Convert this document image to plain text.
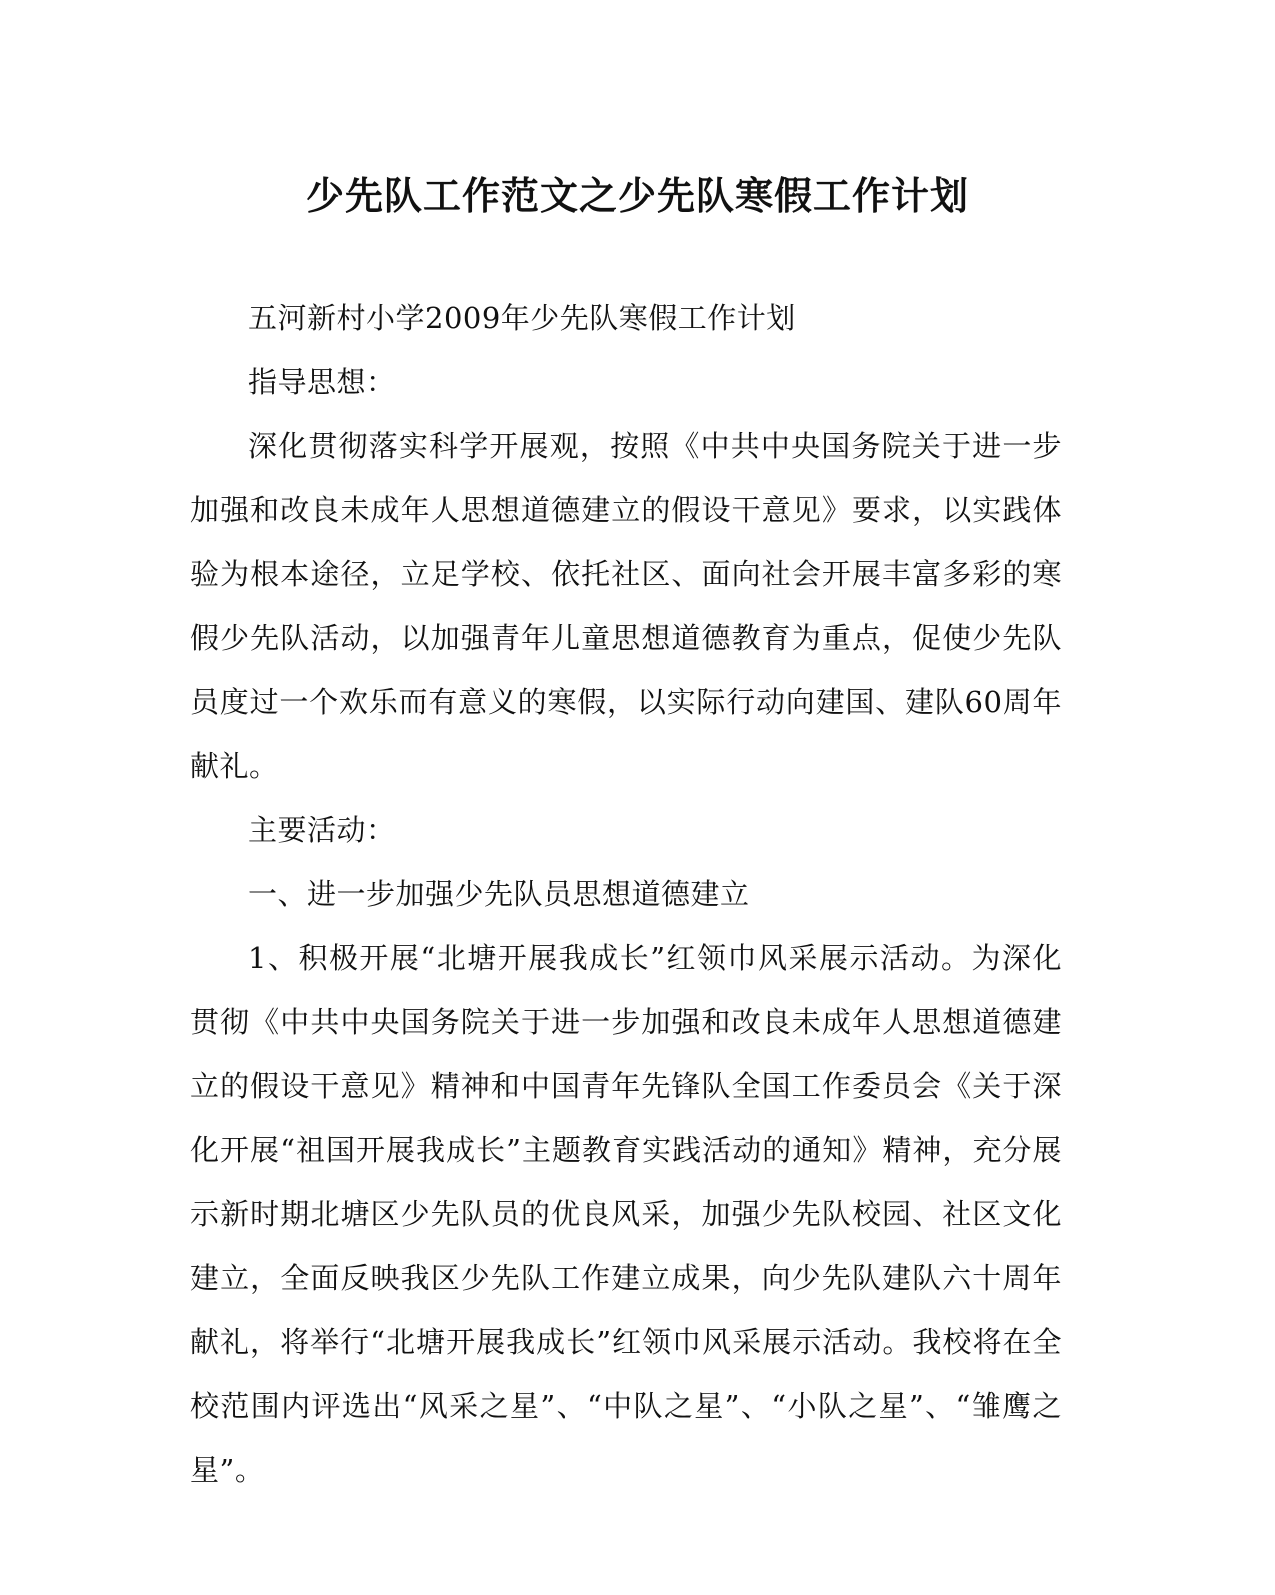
少先队工作范文之少先队寒假工作计划

五河新村小学2009年少先队寒假工作计划

指导思想：

深化贯彻落实科学开展观，按照《中共中央国务院关于进一步加强和改良未成年人思想道德建立的假设干意见》要求，以实践体验为根本途径，立足学校、依托社区、面向社会开展丰富多彩的寒假少先队活动，以加强青年儿童思想道德教育为重点，促使少先队员度过一个欢乐而有意义的寒假，以实际行动向建国、建队60周年献礼。

主要活动：

一、进一步加强少先队员思想道德建立

1、积极开展“北塘开展我成长”红领巾风采展示活动。为深化贯彻《中共中央国务院关于进一步加强和改良未成年人思想道德建立的假设干意见》精神和中国青年先锋队全国工作委员会《关于深化开展“祖国开展我成长”主题教育实践活动的通知》精神，充分展示新时期北塘区少先队员的优良风采，加强少先队校园、社区文化建立，全面反映我区少先队工作建立成果，向少先队建队六十周年献礼，将举行“北塘开展我成长”红领巾风采展示活动。我校将在全校范围内评选出“风采之星”、“中队之星”、“小队之星”、“雏鹰之星”。
